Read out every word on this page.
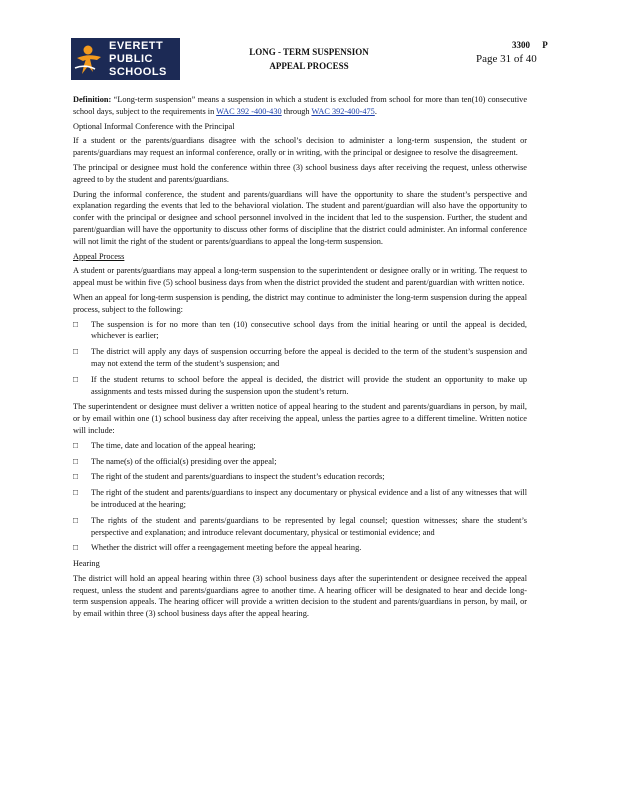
EVERETT
PUBLIC
SCHOOLS
LONG - TERM SUSPENSION
APPEAL PROCESS
3300 P
Page 31 of 40

Definition: “Long-term suspension” means a suspension in which a student is excluded from school for more than ten(10) consecutive school days, subject to the requirements in WAC 392 -400-430 through WAC 392-400-475.

Optional Informal Conference with the Principal

If a student or the parents/guardians disagree with the school’s decision to administer a long-term suspension, the student or parents/guardians may request an informal conference, orally or in writing, with the principal or designee to resolve the disagreement.

The principal or designee must hold the conference within three (3) school business days after receiving the request, unless otherwise agreed to by the student and parents/guardians.

During the informal conference, the student and parents/guardians will have the opportunity to share the student’s perspective and explanation regarding the events that led to the behavioral violation. The student and parent/guardian will also have the opportunity to confer with the principal or designee and school personnel involved in the incident that led to the suspension. Further, the student and parent/guardian will have the opportunity to discuss other forms of discipline that the district could administer. An informal conference will not limit the right of the student or parents/guardians to appeal the long-term suspension.

Appeal Process

A student or parents/guardians may appeal a long-term suspension to the superintendent or designee orally or in writing. The request to appeal must be within five (5) school business days from when the district provided the student and parent/guardian with written notice.

When an appeal for long-term suspension is pending, the district may continue to administer the long-term suspension during the appeal process, subject to the following:

□ The suspension is for no more than ten (10) consecutive school days from the initial hearing or until the appeal is decided, whichever is earlier;
□ The district will apply any days of suspension occurring before the appeal is decided to the term of the student’s suspension and may not extend the term of the student’s suspension; and
□ If the student returns to school before the appeal is decided, the district will provide the student an opportunity to make up assignments and tests missed during the suspension upon the student’s return.

The superintendent or designee must deliver a written notice of appeal hearing to the student and parents/guardians in person, by mail, or by email within one (1) school business day after receiving the appeal, unless the parties agree to a different timeline. Written notice will include:

□ The time, date and location of the appeal hearing;
□ The name(s) of the official(s) presiding over the appeal;
□ The right of the student and parents/guardians to inspect the student’s education records;
□ The right of the student and parents/guardians to inspect any documentary or physical evidence and a list of any witnesses that will be introduced at the hearing;
□ The rights of the student and parents/guardians to be represented by legal counsel; question witnesses; share the student’s perspective and explanation; and introduce relevant documentary, physical or testimonial evidence; and
□ Whether the district will offer a reengagement meeting before the appeal hearing.

Hearing

The district will hold an appeal hearing within three (3) school business days after the superintendent or designee received the appeal request, unless the student and parents/guardians agree to another time. A hearing officer will be designated to hear and decide long-term suspension appeals. The hearing officer will provide a written decision to the student and parents/guardians in person, by mail, or by email within three (3) school business days after the appeal hearing.
